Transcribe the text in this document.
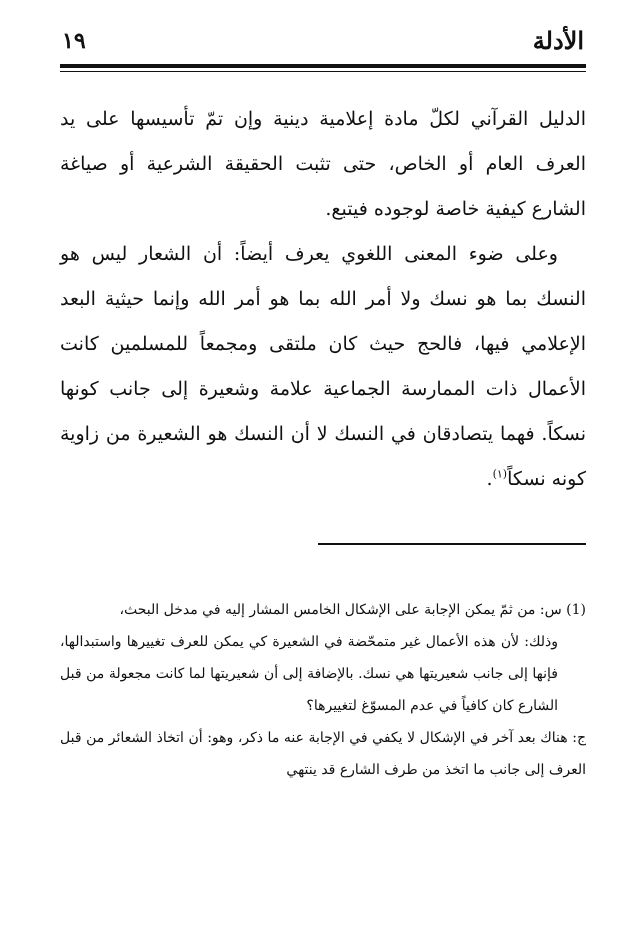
الأدلة
١٩

الدليل القرآني لكلّ مادة إعلامية دينية وإن تمّ تأسيسها على يد العرف العام أو الخاص، حتى تثبت الحقيقة الشرعية أو صياغة الشارع كيفية خاصة لوجوده فيتبع.

وعلى ضوء المعنى اللغوي يعرف أيضاً: أن الشعار ليس هو النسك بما هو نسك ولا أمر الله بما هو أمر الله وإنما حيثية البعد الإعلامي فيها، فالحج حيث كان ملتقى ومجمعاً للمسلمين كانت الأعمال ذات الممارسة الجماعية علامة وشعيرة إلى جانب كونها نسكاً. فهما يتصادقان في النسك لا أن النسك هو الشعيرة من زاوية كونه نسكاً$^{(١)}$.

(1) س: من ثمّ يمكن الإجابة على الإشكال الخامس المشار إليه في مدخل البحث،

وذلك: لأن هذه الأعمال غير متمحّضة في الشعيرة كي يمكن للعرف تغييرها واستبدالها، فإنها إلى جانب شعيريتها هي نسك. بالإضافة إلى أن شعيريتها لما كانت مجعولة من قبل الشارع كان كافياً في عدم المسوّغ لتغييرها؟

ج: هناك بعد آخر في الإشكال لا يكفي في الإجابة عنه ما ذكر، وهو: أن اتخاذ الشعائر من قبل العرف إلى جانب ما اتخذ من طرف الشارع قد ينتهي
